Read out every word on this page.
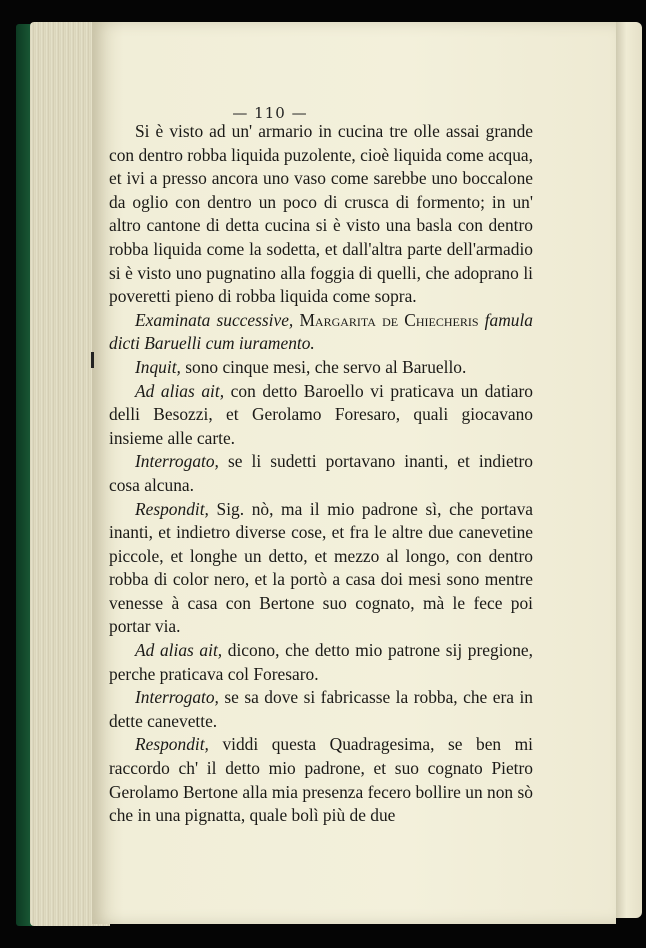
— 110 —

Si è visto ad un' armario in cucina tre olle assai grande con dentro robba liquida puzolente, cioè liquida come acqua, et ivi a presso ancora uno vaso come sarebbe uno boccalone da oglio con dentro un poco di crusca di formento; in un' altro cantone di detta cucina si è visto una basla con dentro robba liquida come la sodetta, et dall'altra parte dell'armadio si è visto uno pugnatino alla foggia di quelli, che adoprano li poveretti pieno di robba liquida come sopra.

Examinata successive, Margarita de Chiecheris famula dicti Baruelli cum iuramento.

Inquit, sono cinque mesi, che servo al Baruello.

Ad alias ait, con detto Baroello vi praticava un datiaro delli Besozzi, et Gerolamo Foresaro, quali giocavano insieme alle carte.

Interrogato, se li sudetti portavano inanti, et indietro cosa alcuna.

Respondit, Sig. nò, ma il mio padrone sì, che portava inanti, et indietro diverse cose, et fra le altre due canevetine piccole, et longhe un detto, et mezzo al longo, con dentro robba di color nero, et la portò a casa doi mesi sono mentre venesse à casa con Bertone suo cognato, mà le fece poi portar via.

Ad alias ait, dicono, che detto mio patrone sij pregione, perche praticava col Foresaro.

Interrogato, se sa dove si fabricasse la robba, che era in dette canevette.

Respondit, viddi questa Quadragesima, se ben mi raccordo ch' il detto mio padrone, et suo cognato Pietro Gerolamo Bertone alla mia presenza fecero bollire un non sò che in una pignatta, quale bolì più de due
